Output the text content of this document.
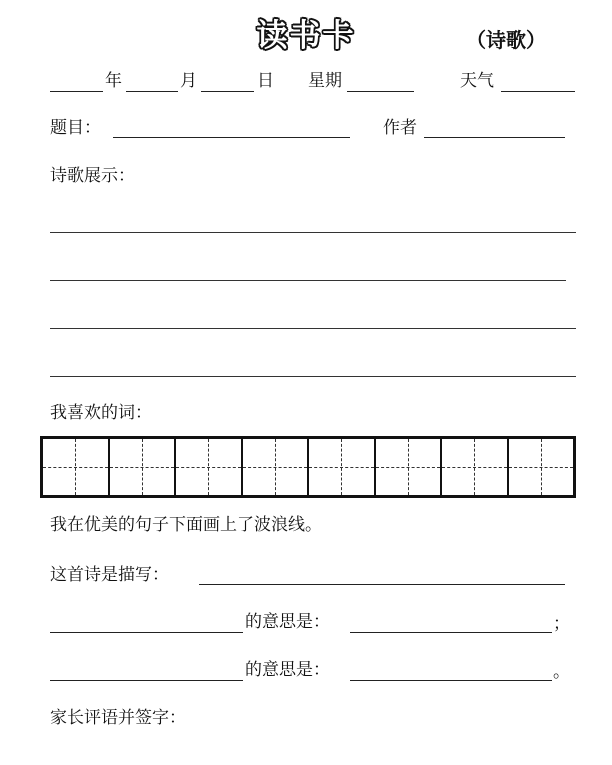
读书卡	（诗歌）
年	月	日 星期	天气
题目：	作者
诗歌展示：
我喜欢的词：
我在优美的句子下面画上了波浪线。
这首诗是描写：
的意思是：	；
的意思是：	。
家长评语并签字：
